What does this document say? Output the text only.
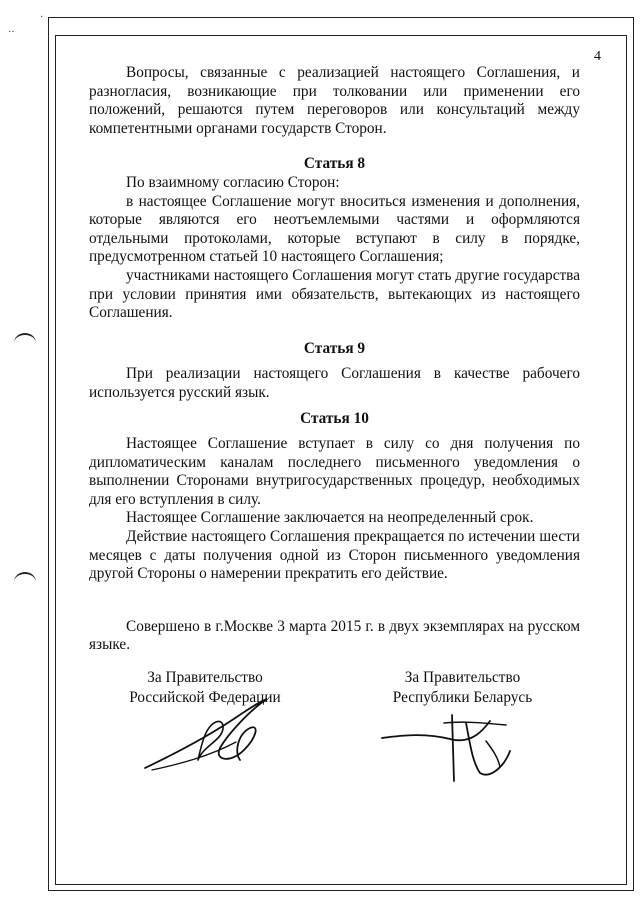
·
··
4

Вопросы, связанные с реализацией настоящего Соглашения, и разногласия, возникающие при толковании или применении его положений, решаются путем переговоров или консультаций между компетентными органами государств Сторон.

Статья 8

По взаимному согласию Сторон:

в настоящее Соглашение могут вноситься изменения и дополнения, которые являются его неотъемлемыми частями и оформляются отдельными протоколами, которые вступают в силу в порядке, предусмотренном статьей 10 настоящего Соглашения;

участниками настоящего Соглашения могут стать другие государства при условии принятия ими обязательств, вытекающих из настоящего Соглашения.

Статья 9

При реализации настоящего Соглашения в качестве рабочего используется русский язык.

Статья 10

Настоящее Соглашение вступает в силу со дня получения по дипломатическим каналам последнего письменного уведомления о выполнении Сторонами внутригосударственных процедур, необходимых для его вступления в силу.

Настоящее Соглашение заключается на неопределенный срок.

Действие настоящего Соглашения прекращается по истечении шести месяцев с даты получения одной из Сторон письменного уведомления другой Стороны о намерении прекратить его действие.

Совершено в г.Москве 3 марта 2015 г. в двух экземплярах на русском языке.

За Правительство
Российской Федерации
За Правительство
Республики Беларусь
